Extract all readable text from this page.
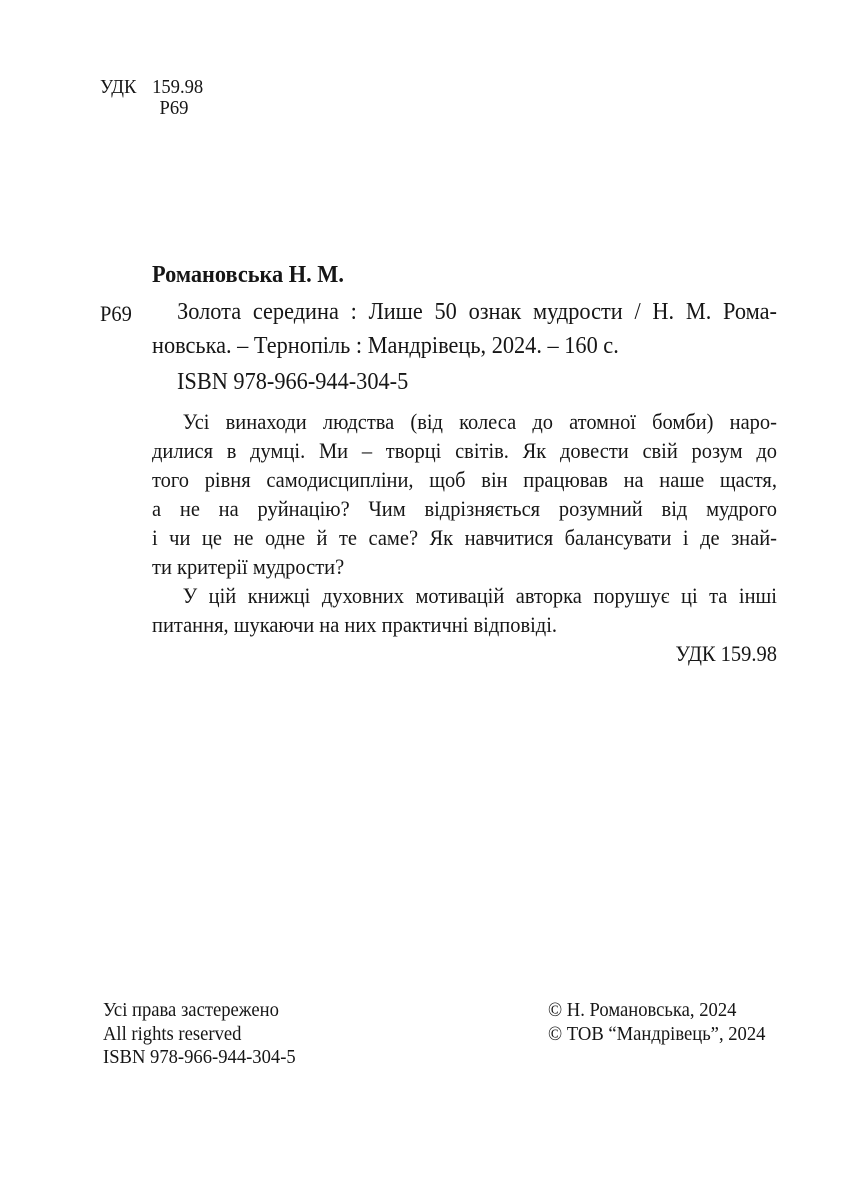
УДК 159.98
Р69
Романовська Н. М.
Р69	Золота середина : Лише 50 ознак мудрости / Н. М. Рома-
новська. – Тернопіль : Мандрівець, 2024. – 160 с.
ISBN 978-966-944-304-5
Усі винаходи людства (від колеса до атомної бомби) наро-
дилися в думці. Ми – творці світів. Як довести свій розум до
того рівня самодисципліни, щоб він працював на наше щастя,
а не на руйнацію? Чим відрізняється розумний від мудрого
і чи це не одне й те саме? Як навчитися балансувати і де знай-
ти критерії мудрости?
У цій книжці духовних мотивацій авторка порушує ці та інші
питання, шукаючи на них практичні відповіді.
УДК 159.98
Усі права застережено
All rights reserved
ISBN 978-966-944-304-5
© Н. Романовська, 2024
© ТОВ “Мандрівець”, 2024
